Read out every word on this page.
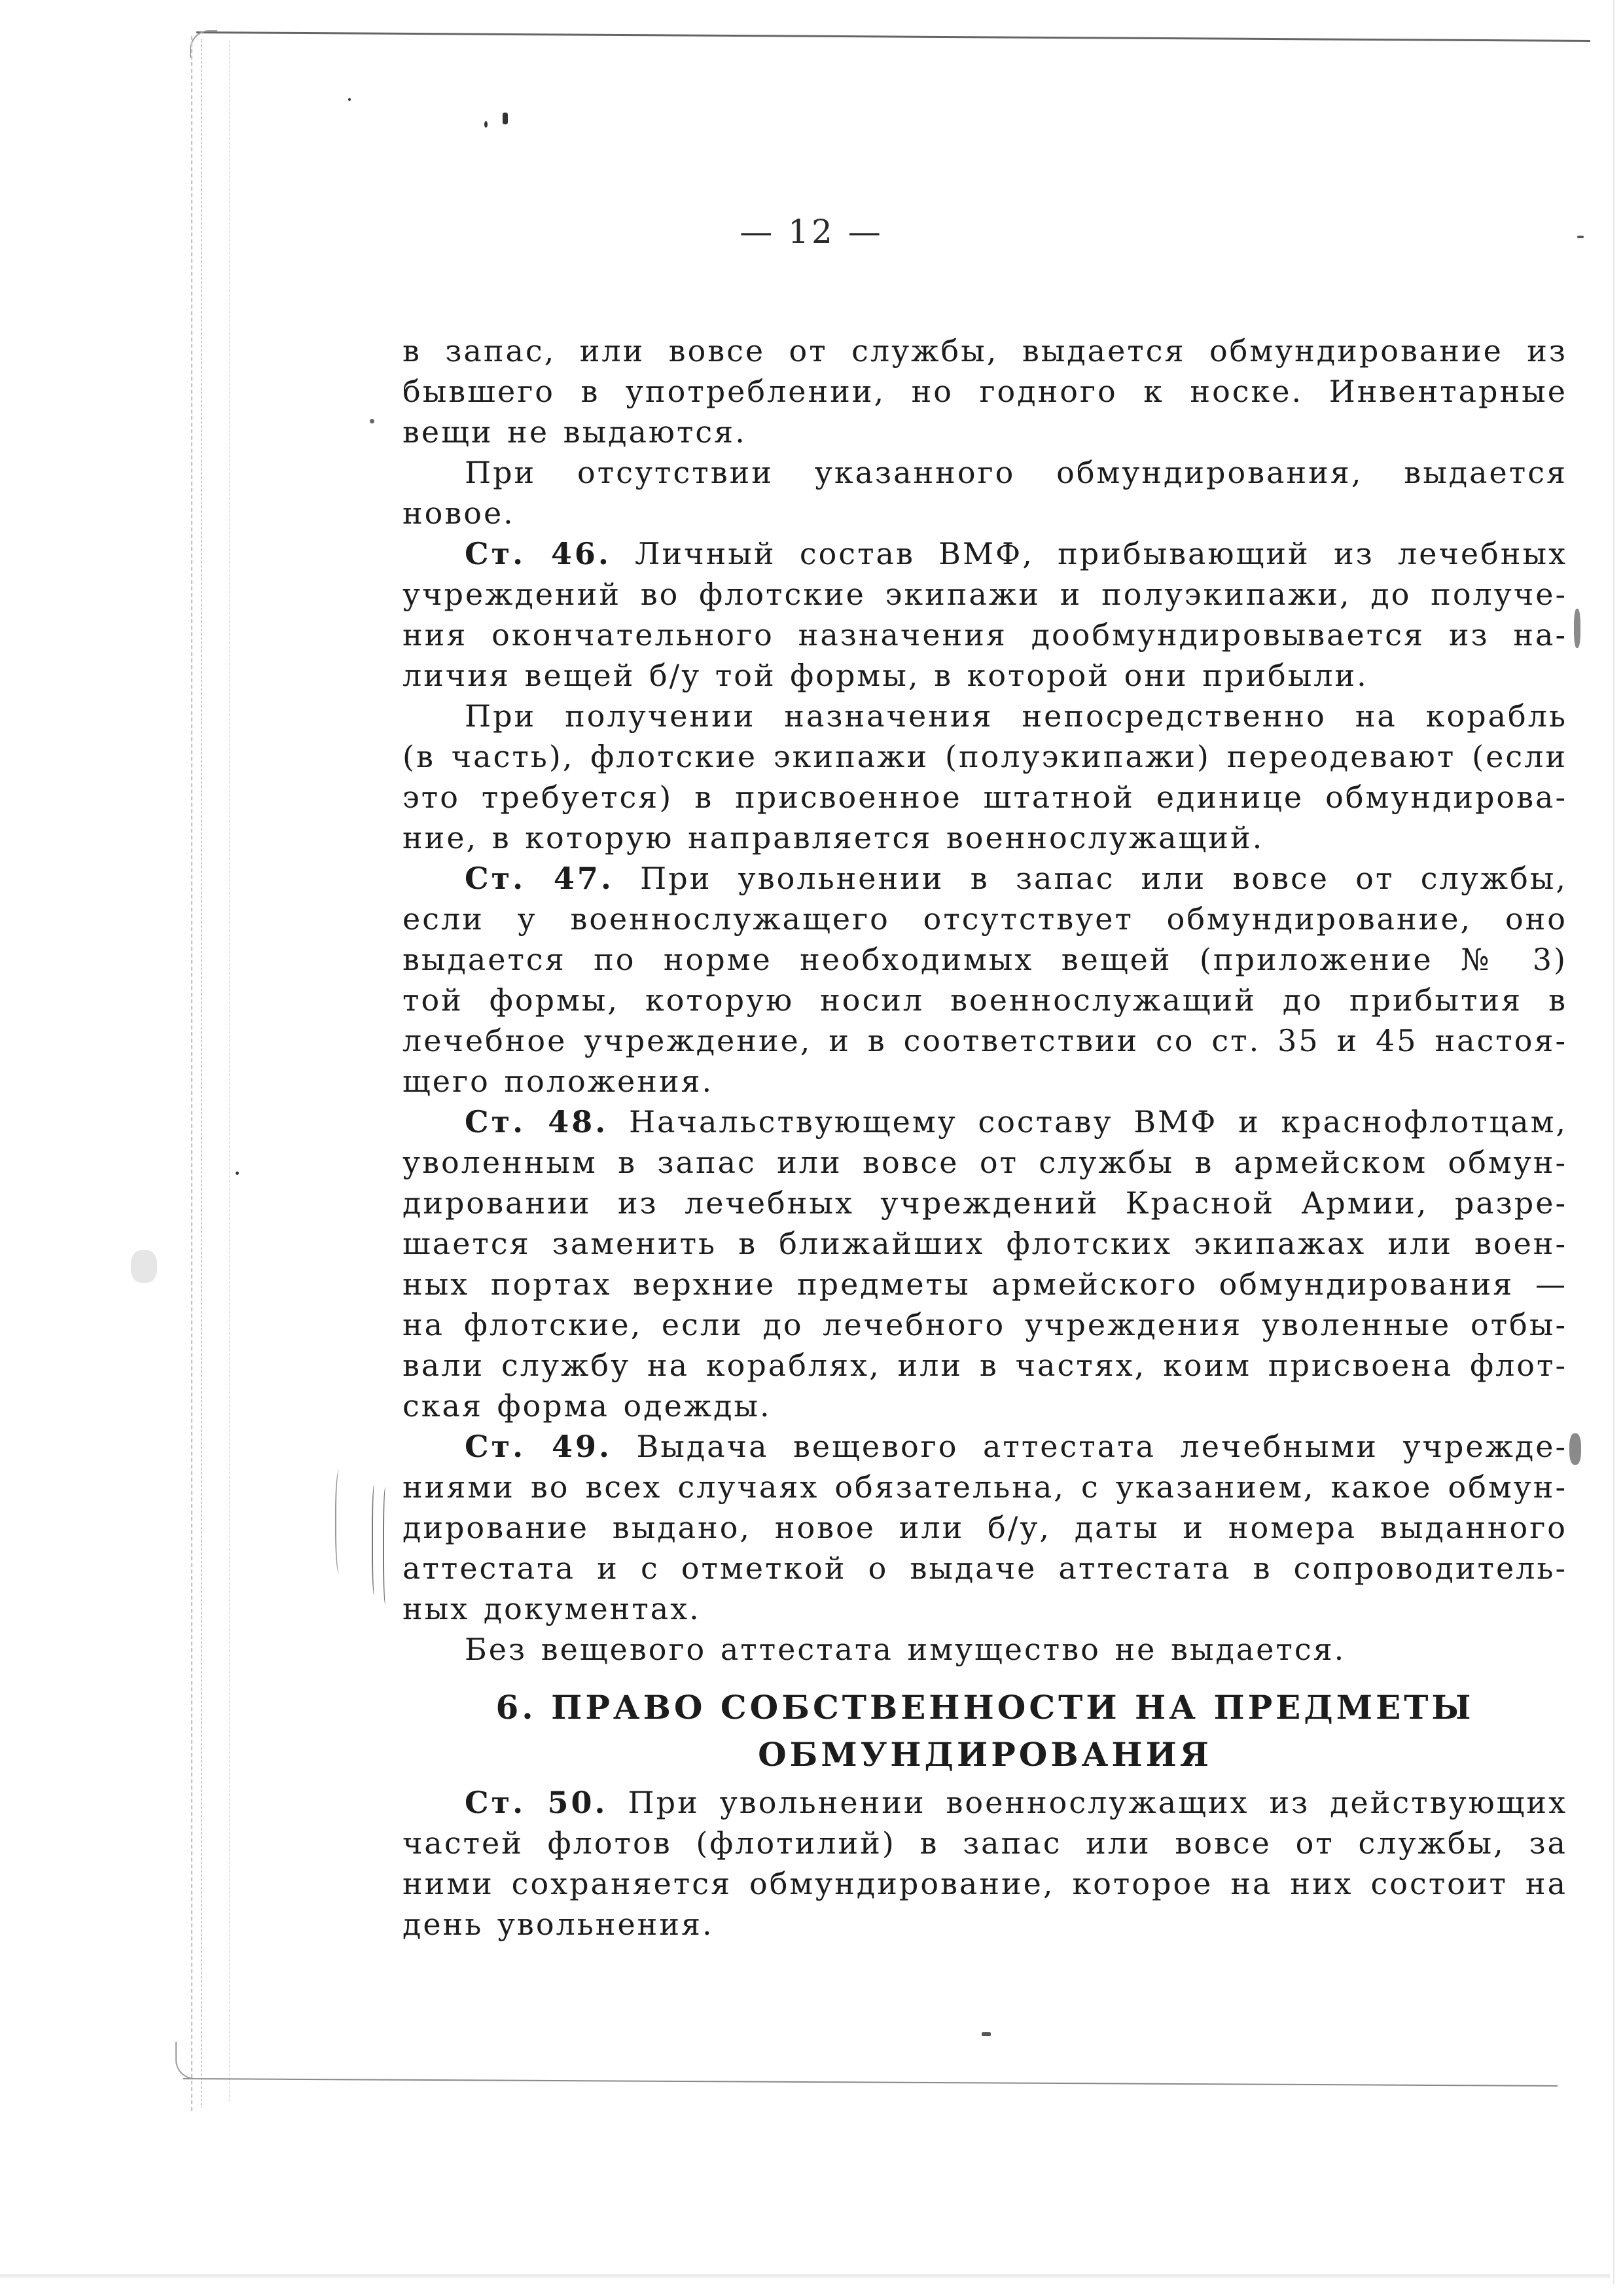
— 12 —
в запас, или вовсе от службы, выдается обмундирование из
бывшего в употреблении, но годного к носке. Инвентарные
вещи не выдаются.
При отсутствии указанного обмундирования, выдается
новое.
Ст. 46. Личный состав ВМФ, прибывающий из лечебных
учреждений во флотские экипажи и полуэкипажи, до получе-
ния окончательного назначения дообмундировывается из на-
личия вещей б/у той формы, в которой они прибыли.
При получении назначения непосредственно на корабль
(в часть), флотские экипажи (полуэкипажи) переодевают (если
это требуется) в присвоенное штатной единице обмундирова-
ние, в которую направляется военнослужащий.
Ст. 47. При увольнении в запас или вовсе от службы,
если у военнослужащего отсутствует обмундирование, оно
выдается по норме необходимых вещей (приложение № 3)
той формы, которую носил военнослужащий до прибытия в
лечебное учреждение, и в соответствии со ст. 35 и 45 настоя-
щего положения.
Ст. 48. Начальствующему составу ВМФ и краснофлотцам,
уволенным в запас или вовсе от службы в армейском обмун-
дировании из лечебных учреждений Красной Армии, разре-
шается заменить в ближайших флотских экипажах или воен-
ных портах верхние предметы армейского обмундирования —
на флотские, если до лечебного учреждения уволенные отбы-
вали службу на кораблях, или в частях, коим присвоена флот-
ская форма одежды.
Ст. 49. Выдача вещевого аттестата лечебными учрежде-
ниями во всех случаях обязательна, с указанием, какое обмун-
дирование выдано, новое или б/у, даты и номера выданного
аттестата и с отметкой о выдаче аттестата в сопроводитель-
ных документах.
Без вещевого аттестата имущество не выдается.
6. ПРАВО СОБСТВЕННОСТИ НА ПРЕДМЕТЫ
ОБМУНДИРОВАНИЯ
Ст. 50. При увольнении военнослужащих из действующих
частей флотов (флотилий) в запас или вовсе от службы, за
ними сохраняется обмундирование, которое на них состоит на
день увольнения.
